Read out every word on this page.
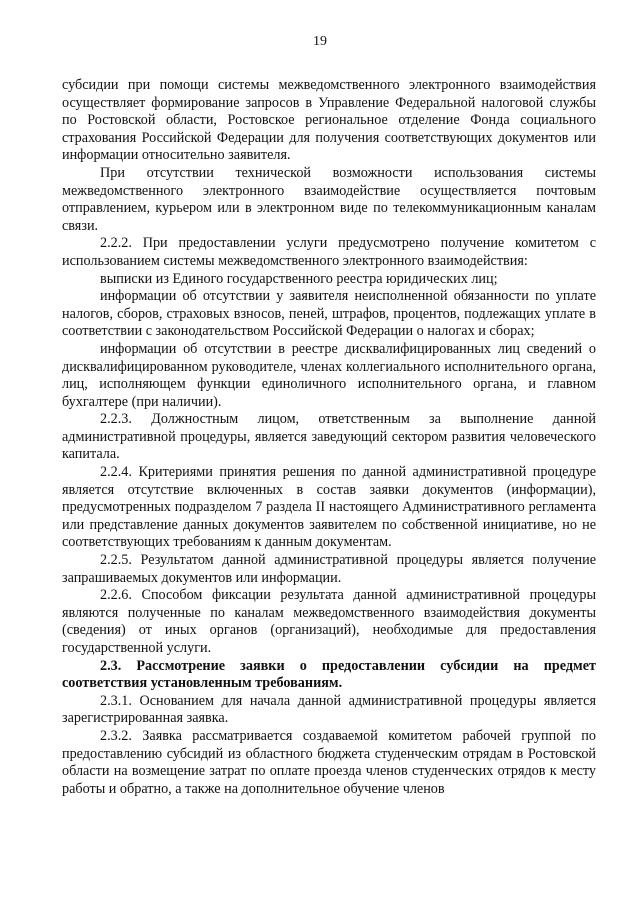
19

субсидии при помощи системы межведомственного электронного взаимодействия осуществляет формирование запросов в Управление Федеральной налоговой службы по Ростовской области, Ростовское региональное отделение Фонда социального страхования Российской Федерации для получения соответствующих документов или информации относительно заявителя.

При отсутствии технической возможности использования системы межведомственного электронного взаимодействие осуществляется почтовым отправлением, курьером или в электронном виде по телекоммуникационным каналам связи.

2.2.2. При предоставлении услуги предусмотрено получение комитетом с использованием системы межведомственного электронного взаимодействия:

выписки из Единого государственного реестра юридических лиц;

информации об отсутствии у заявителя неисполненной обязанности по уплате налогов, сборов, страховых взносов, пеней, штрафов, процентов, подлежащих уплате в соответствии с законодательством Российской Федерации о налогах и сборах;

информации об отсутствии в реестре дисквалифицированных лиц сведений о дисквалифицированном руководителе, членах коллегиального исполнительного органа, лиц, исполняющем функции единоличного исполнительного органа, и главном бухгалтере (при наличии).

2.2.3. Должностным лицом, ответственным за выполнение данной административной процедуры, является заведующий сектором развития человеческого капитала.

2.2.4. Критериями принятия решения по данной административной процедуре является отсутствие включенных в состав заявки документов (информации), предусмотренных подразделом 7 раздела II настоящего Административного регламента или представление данных документов заявителем по собственной инициативе, но не соответствующих требованиям к данным документам.

2.2.5. Результатом данной административной процедуры является получение запрашиваемых документов или информации.

2.2.6. Способом фиксации результата данной административной процедуры являются полученные по каналам межведомственного взаимодействия документы (сведения) от иных органов (организаций), необходимые для предоставления государственной услуги.

2.3. Рассмотрение заявки о предоставлении субсидии на предмет соответствия установленным требованиям.

2.3.1. Основанием для начала данной административной процедуры является зарегистрированная заявка.

2.3.2. Заявка рассматривается создаваемой комитетом рабочей группой по предоставлению субсидий из областного бюджета студенческим отрядам в Ростовской области на возмещение затрат по оплате проезда членов студенческих отрядов к месту работы и обратно, а также на дополнительное обучение членов
